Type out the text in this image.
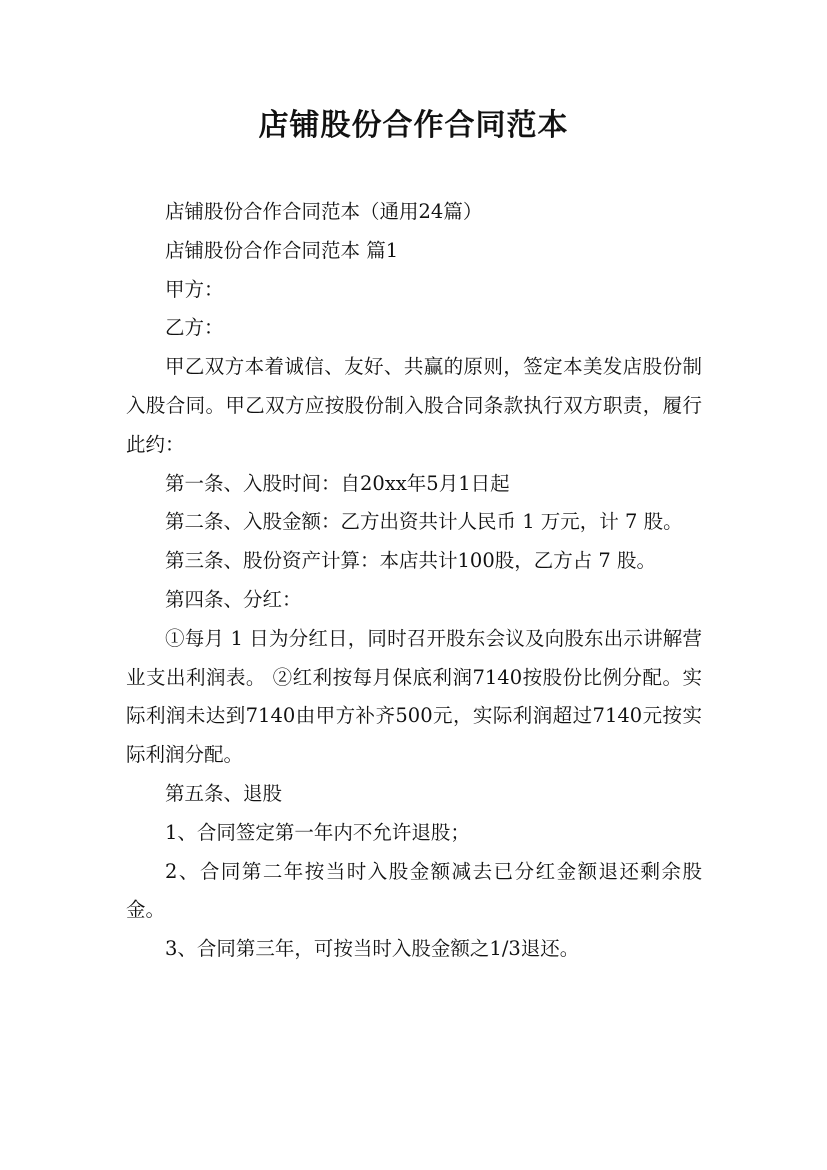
店铺股份合作合同范本

店铺股份合作合同范本（通用24篇）

店铺股份合作合同范本 篇1

甲方：

乙方：

甲乙双方本着诚信、友好、共赢的原则，签定本美发店股份制入股合同。甲乙双方应按股份制入股合同条款执行双方职责，履行此约：

第一条、入股时间：自20xx年5月1日起

第二条、入股金额：乙方出资共计人民币 1 万元，计 7 股。

第三条、股份资产计算：本店共计100股，乙方占 7 股。

第四条、分红：

①每月 1 日为分红日，同时召开股东会议及向股东出示讲解营业支出利润表。 ②红利按每月保底利润7140按股份比例分配。实际利润未达到7140由甲方补齐500元，实际利润超过7140元按实际利润分配。

第五条、退股

1、合同签定第一年内不允许退股；

2、合同第二年按当时入股金额减去已分红金额退还剩余股金。

3、合同第三年，可按当时入股金额之1/3退还。
